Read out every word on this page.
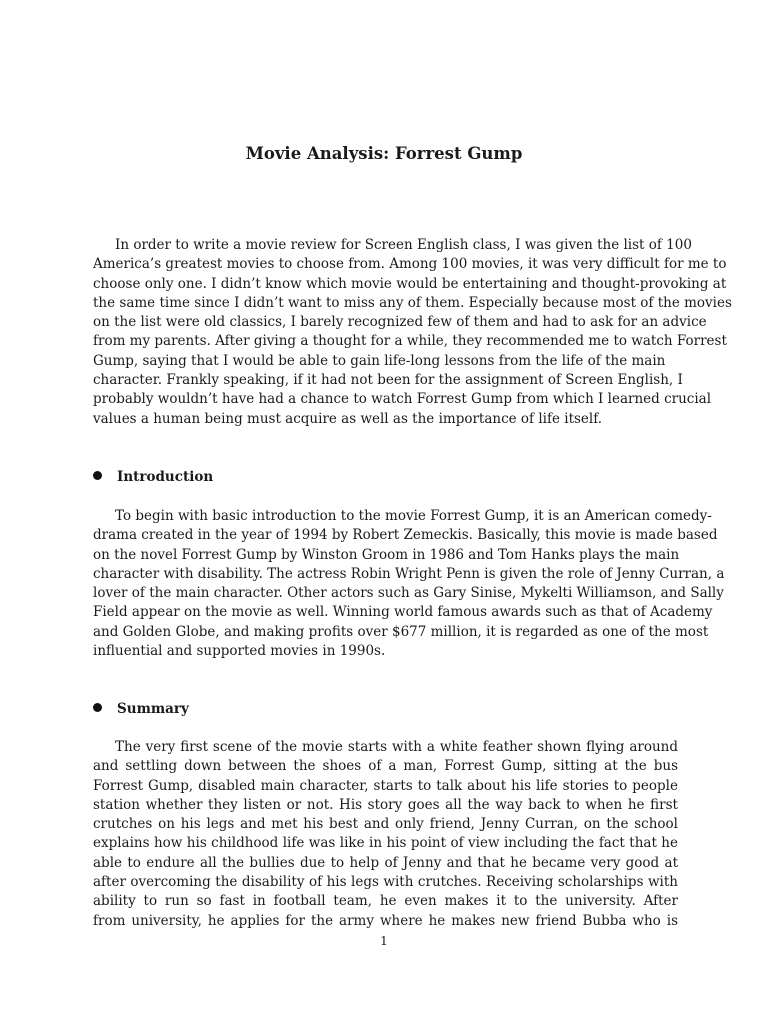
Movie Analysis: Forrest Gump
In order to write a movie review for Screen English class, I was given the list of 100
America’s greatest movies to choose from. Among 100 movies, it was very difficult for me to
choose only one. I didn’t know which movie would be entertaining and thought-provoking at
the same time since I didn’t want to miss any of them. Especially because most of the movies
on the list were old classics, I barely recognized few of them and had to ask for an advice
from my parents. After giving a thought for a while, they recommended me to watch Forrest
Gump, saying that I would be able to gain life-long lessons from the life of the main
character. Frankly speaking, if it had not been for the assignment of Screen English, I
probably wouldn’t have had a chance to watch Forrest Gump from which I learned crucial
values a human being must acquire as well as the importance of life itself.
Introduction
To begin with basic introduction to the movie Forrest Gump, it is an American comedy-
drama created in the year of 1994 by Robert Zemeckis. Basically, this movie is made based
on the novel Forrest Gump by Winston Groom in 1986 and Tom Hanks plays the main
character with disability. The actress Robin Wright Penn is given the role of Jenny Curran, a
lover of the main character. Other actors such as Gary Sinise, Mykelti Williamson, and Sally
Field appear on the movie as well. Winning world famous awards such as that of Academy
and Golden Globe, and making profits over $677 million, it is regarded as one of the most
influential and supported movies in 1990s.
Summary
The very first scene of the movie starts with a white feather shown flying around
and settling down between the shoes of a man, Forrest Gump, sitting at the bus
Forrest Gump, disabled main character, starts to talk about his life stories to people
station whether they listen or not. His story goes all the way back to when he first
crutches on his legs and met his best and only friend, Jenny Curran, on the school
explains how his childhood life was like in his point of view including the fact that he
able to endure all the bullies due to help of Jenny and that he became very good at
after overcoming the disability of his legs with crutches. Receiving scholarships with
ability to run so fast in football team, he even makes it to the university. After
from university, he applies for the army where he makes new friend Bubba who is
1
